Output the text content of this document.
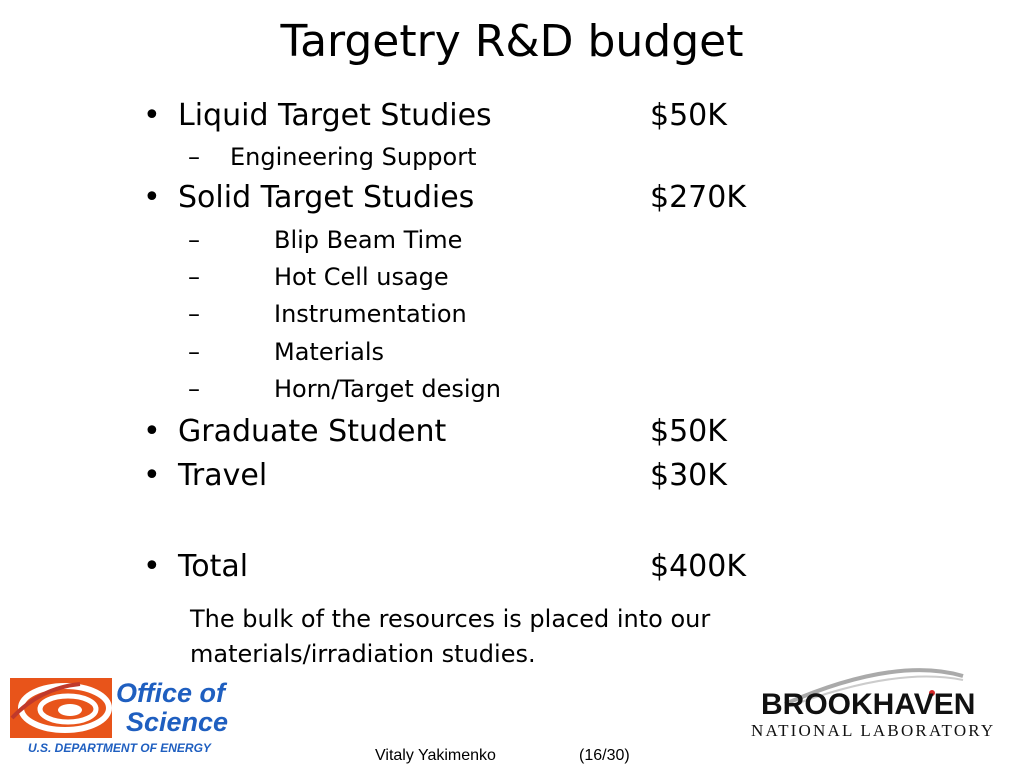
Targetry R&D budget
• Liquid Target Studies	$50K
– Engineering Support
• Solid Target Studies	$270K
–	Blip Beam Time
–	Hot Cell usage
–	Instrumentation
–	Materials
–	Horn/Target design
• Graduate Student	$50K
• Travel	$30K
• Total	$400K
The bulk of the resources is placed into our
materials/irradiation studies.
Office of
Science
U.S. DEPARTMENT OF ENERGY
BROOKHAVEN
NATIONAL LABORATORY
Vitaly Yakimenko	(16/30)
